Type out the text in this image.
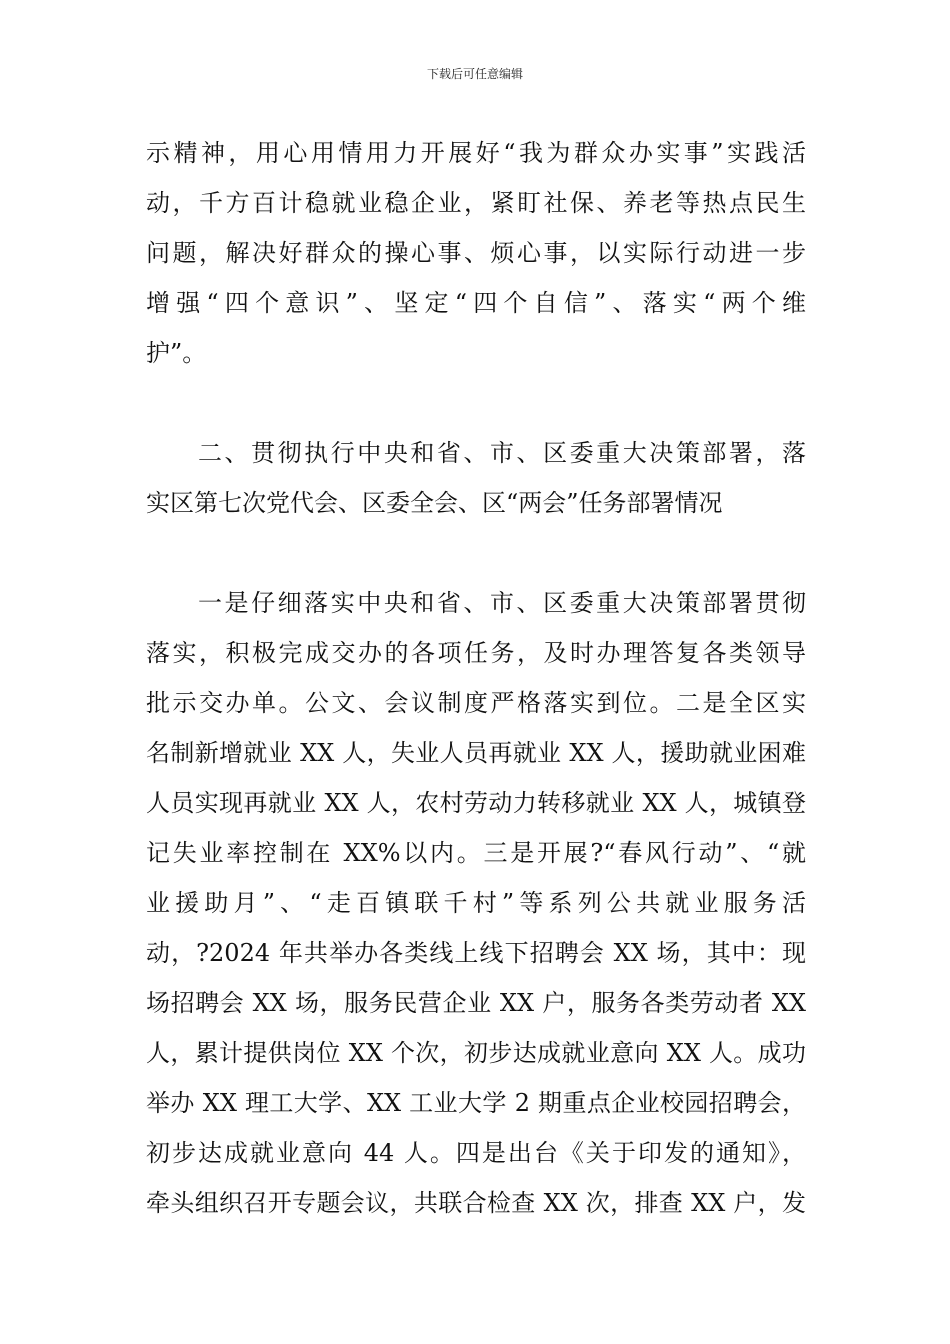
下载后可任意编辑
示精神，用心用情用力开展好“我为群众办实事”实践活
动，千方百计稳就业稳企业，紧盯社保、养老等热点民生
问题，解决好群众的操心事、烦心事，以实际行动进一步
增强“四个意识”、坚定“四个自信”、落实“两个维
护”。
二、贯彻执行中央和省、市、区委重大决策部署，落
实区第七次党代会、区委全会、区“两会”任务部署情况
一是仔细落实中央和省、市、区委重大决策部署贯彻
落实，积极完成交办的各项任务，及时办理答复各类领导
批示交办单。公文、会议制度严格落实到位。二是全区实
名制新增就业 XX 人，失业人员再就业 XX 人，援助就业困难
人员实现再就业 XX 人，农村劳动力转移就业 XX 人，城镇登
记失业率控制在 XX%以内。三是开展?“春风行动”、“就
业援助月”、“走百镇联千村”等系列公共就业服务活
动，?2024 年共举办各类线上线下招聘会 XX 场，其中：现
场招聘会 XX 场，服务民营企业 XX 户，服务各类劳动者 XX
人，累计提供岗位 XX 个次，初步达成就业意向 XX 人。成功
举办 XX 理工大学、XX 工业大学 2 期重点企业校园招聘会，
初步达成就业意向 44 人。四是出台《关于印发的通知》，
牵头组织召开专题会议，共联合检查 XX 次，排查 XX 户，发
